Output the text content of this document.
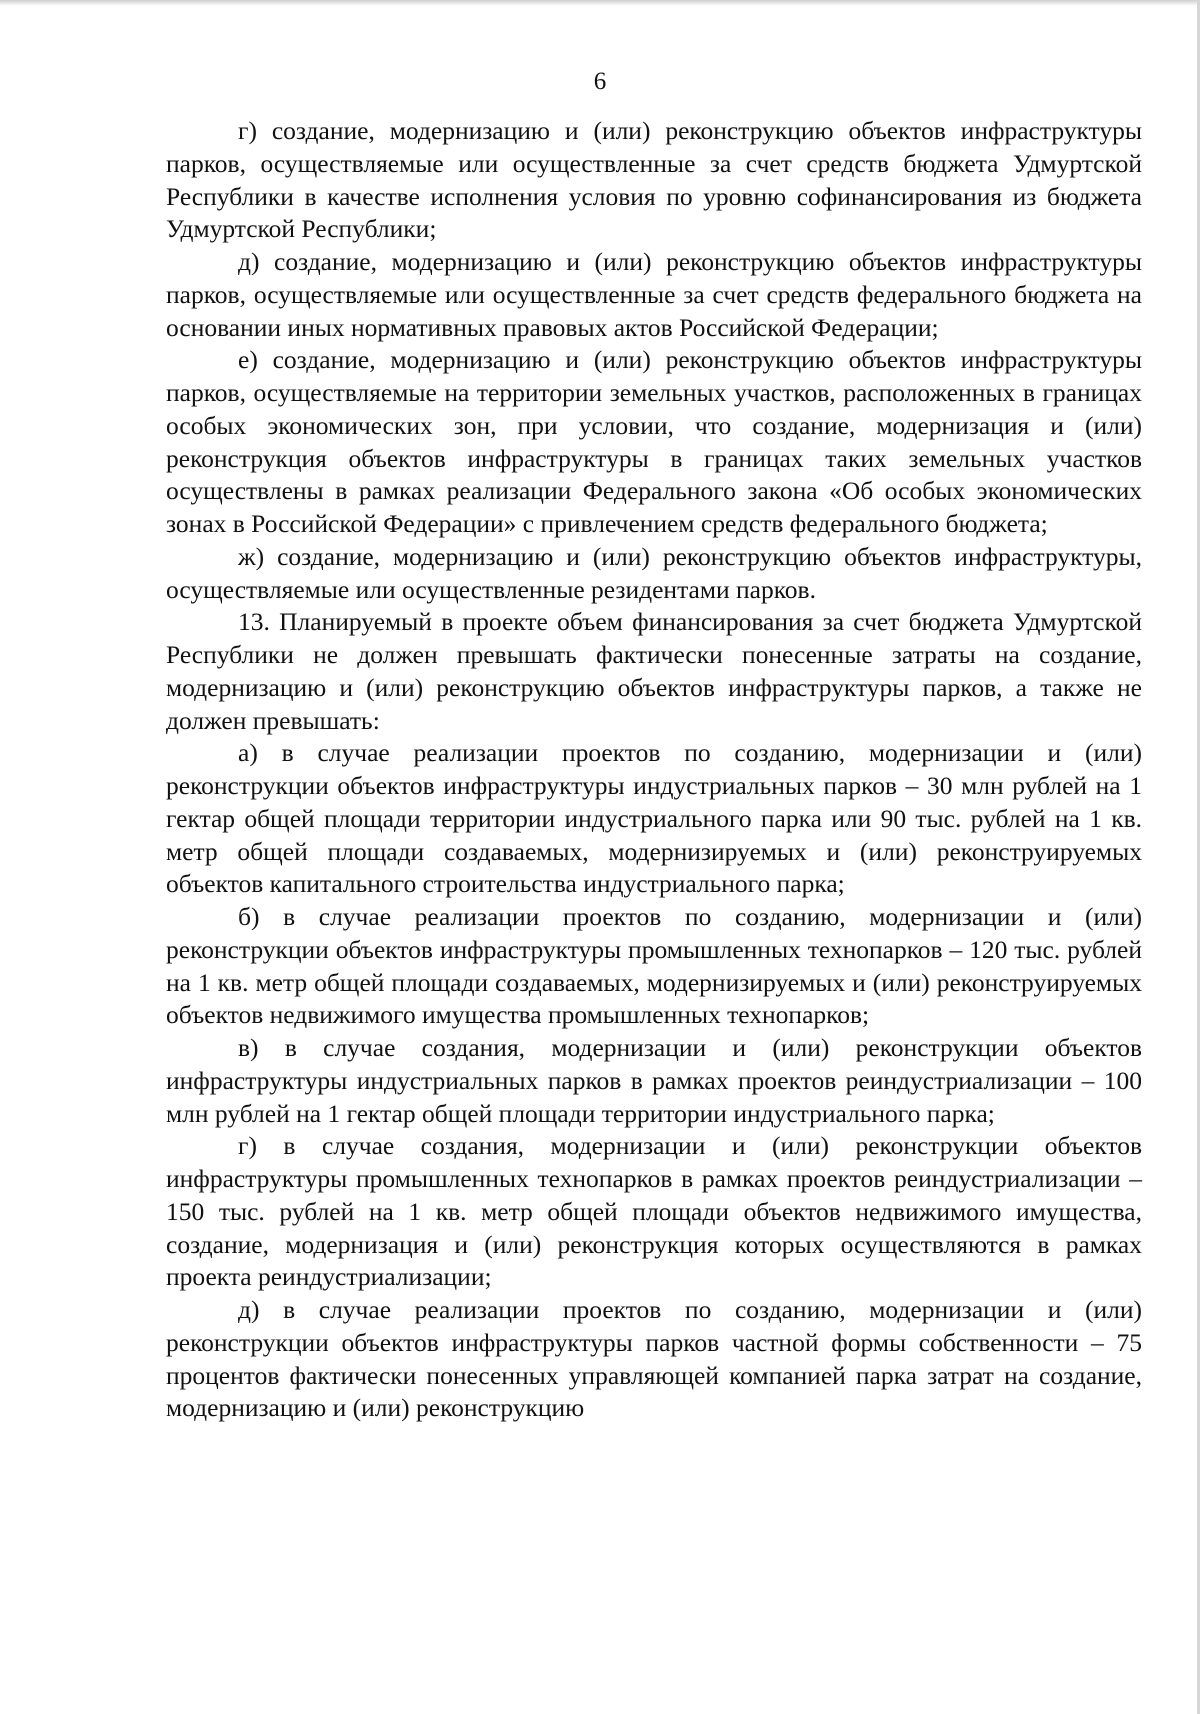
6

г) создание, модернизацию и (или) реконструкцию объектов инфраструктуры парков, осуществляемые или осуществленные за счет средств бюджета Удмуртской Республики в качестве исполнения условия по уровню софинансирования из бюджета Удмуртской Республики;

д) создание, модернизацию и (или) реконструкцию объектов инфраструктуры парков, осуществляемые или осуществленные за счет средств федерального бюджета на основании иных нормативных правовых актов Российской Федерации;

е) создание, модернизацию и (или) реконструкцию объектов инфраструктуры парков, осуществляемые на территории земельных участков, расположенных в границах особых экономических зон, при условии, что создание, модернизация и (или) реконструкция объектов инфраструктуры в границах таких земельных участков осуществлены в рамках реализации Федерального закона «Об особых экономических зонах в Российской Федерации» с привлечением средств федерального бюджета;

ж) создание, модернизацию и (или) реконструкцию объектов инфраструктуры, осуществляемые или осуществленные резидентами парков.

13. Планируемый в проекте объем финансирования за счет бюджета Удмуртской Республики не должен превышать фактически понесенные затраты на создание, модернизацию и (или) реконструкцию объектов инфраструктуры парков, а также не должен превышать:

а) в случае реализации проектов по созданию, модернизации и (или) реконструкции объектов инфраструктуры индустриальных парков – 30 млн рублей на 1 гектар общей площади территории индустриального парка или 90 тыс. рублей на 1 кв. метр общей площади создаваемых, модернизируемых и (или) реконструируемых объектов капитального строительства индустриального парка;

б) в случае реализации проектов по созданию, модернизации и (или) реконструкции объектов инфраструктуры промышленных технопарков – 120 тыс. рублей на 1 кв. метр общей площади создаваемых, модернизируемых и (или) реконструируемых объектов недвижимого имущества промышленных технопарков;

в) в случае создания, модернизации и (или) реконструкции объектов инфраструктуры индустриальных парков в рамках проектов реиндустриализации – 100 млн рублей на 1 гектар общей площади территории индустриального парка;

г) в случае создания, модернизации и (или) реконструкции объектов инфраструктуры промышленных технопарков в рамках проектов реиндустриализации – 150 тыс. рублей на 1 кв. метр общей площади объектов недвижимого имущества, создание, модернизация и (или) реконструкция которых осуществляются в рамках проекта реиндустриализации;

д) в случае реализации проектов по созданию, модернизации и (или) реконструкции объектов инфраструктуры парков частной формы собственности – 75 процентов фактически понесенных управляющей компанией парка затрат на создание, модернизацию и (или) реконструкцию
